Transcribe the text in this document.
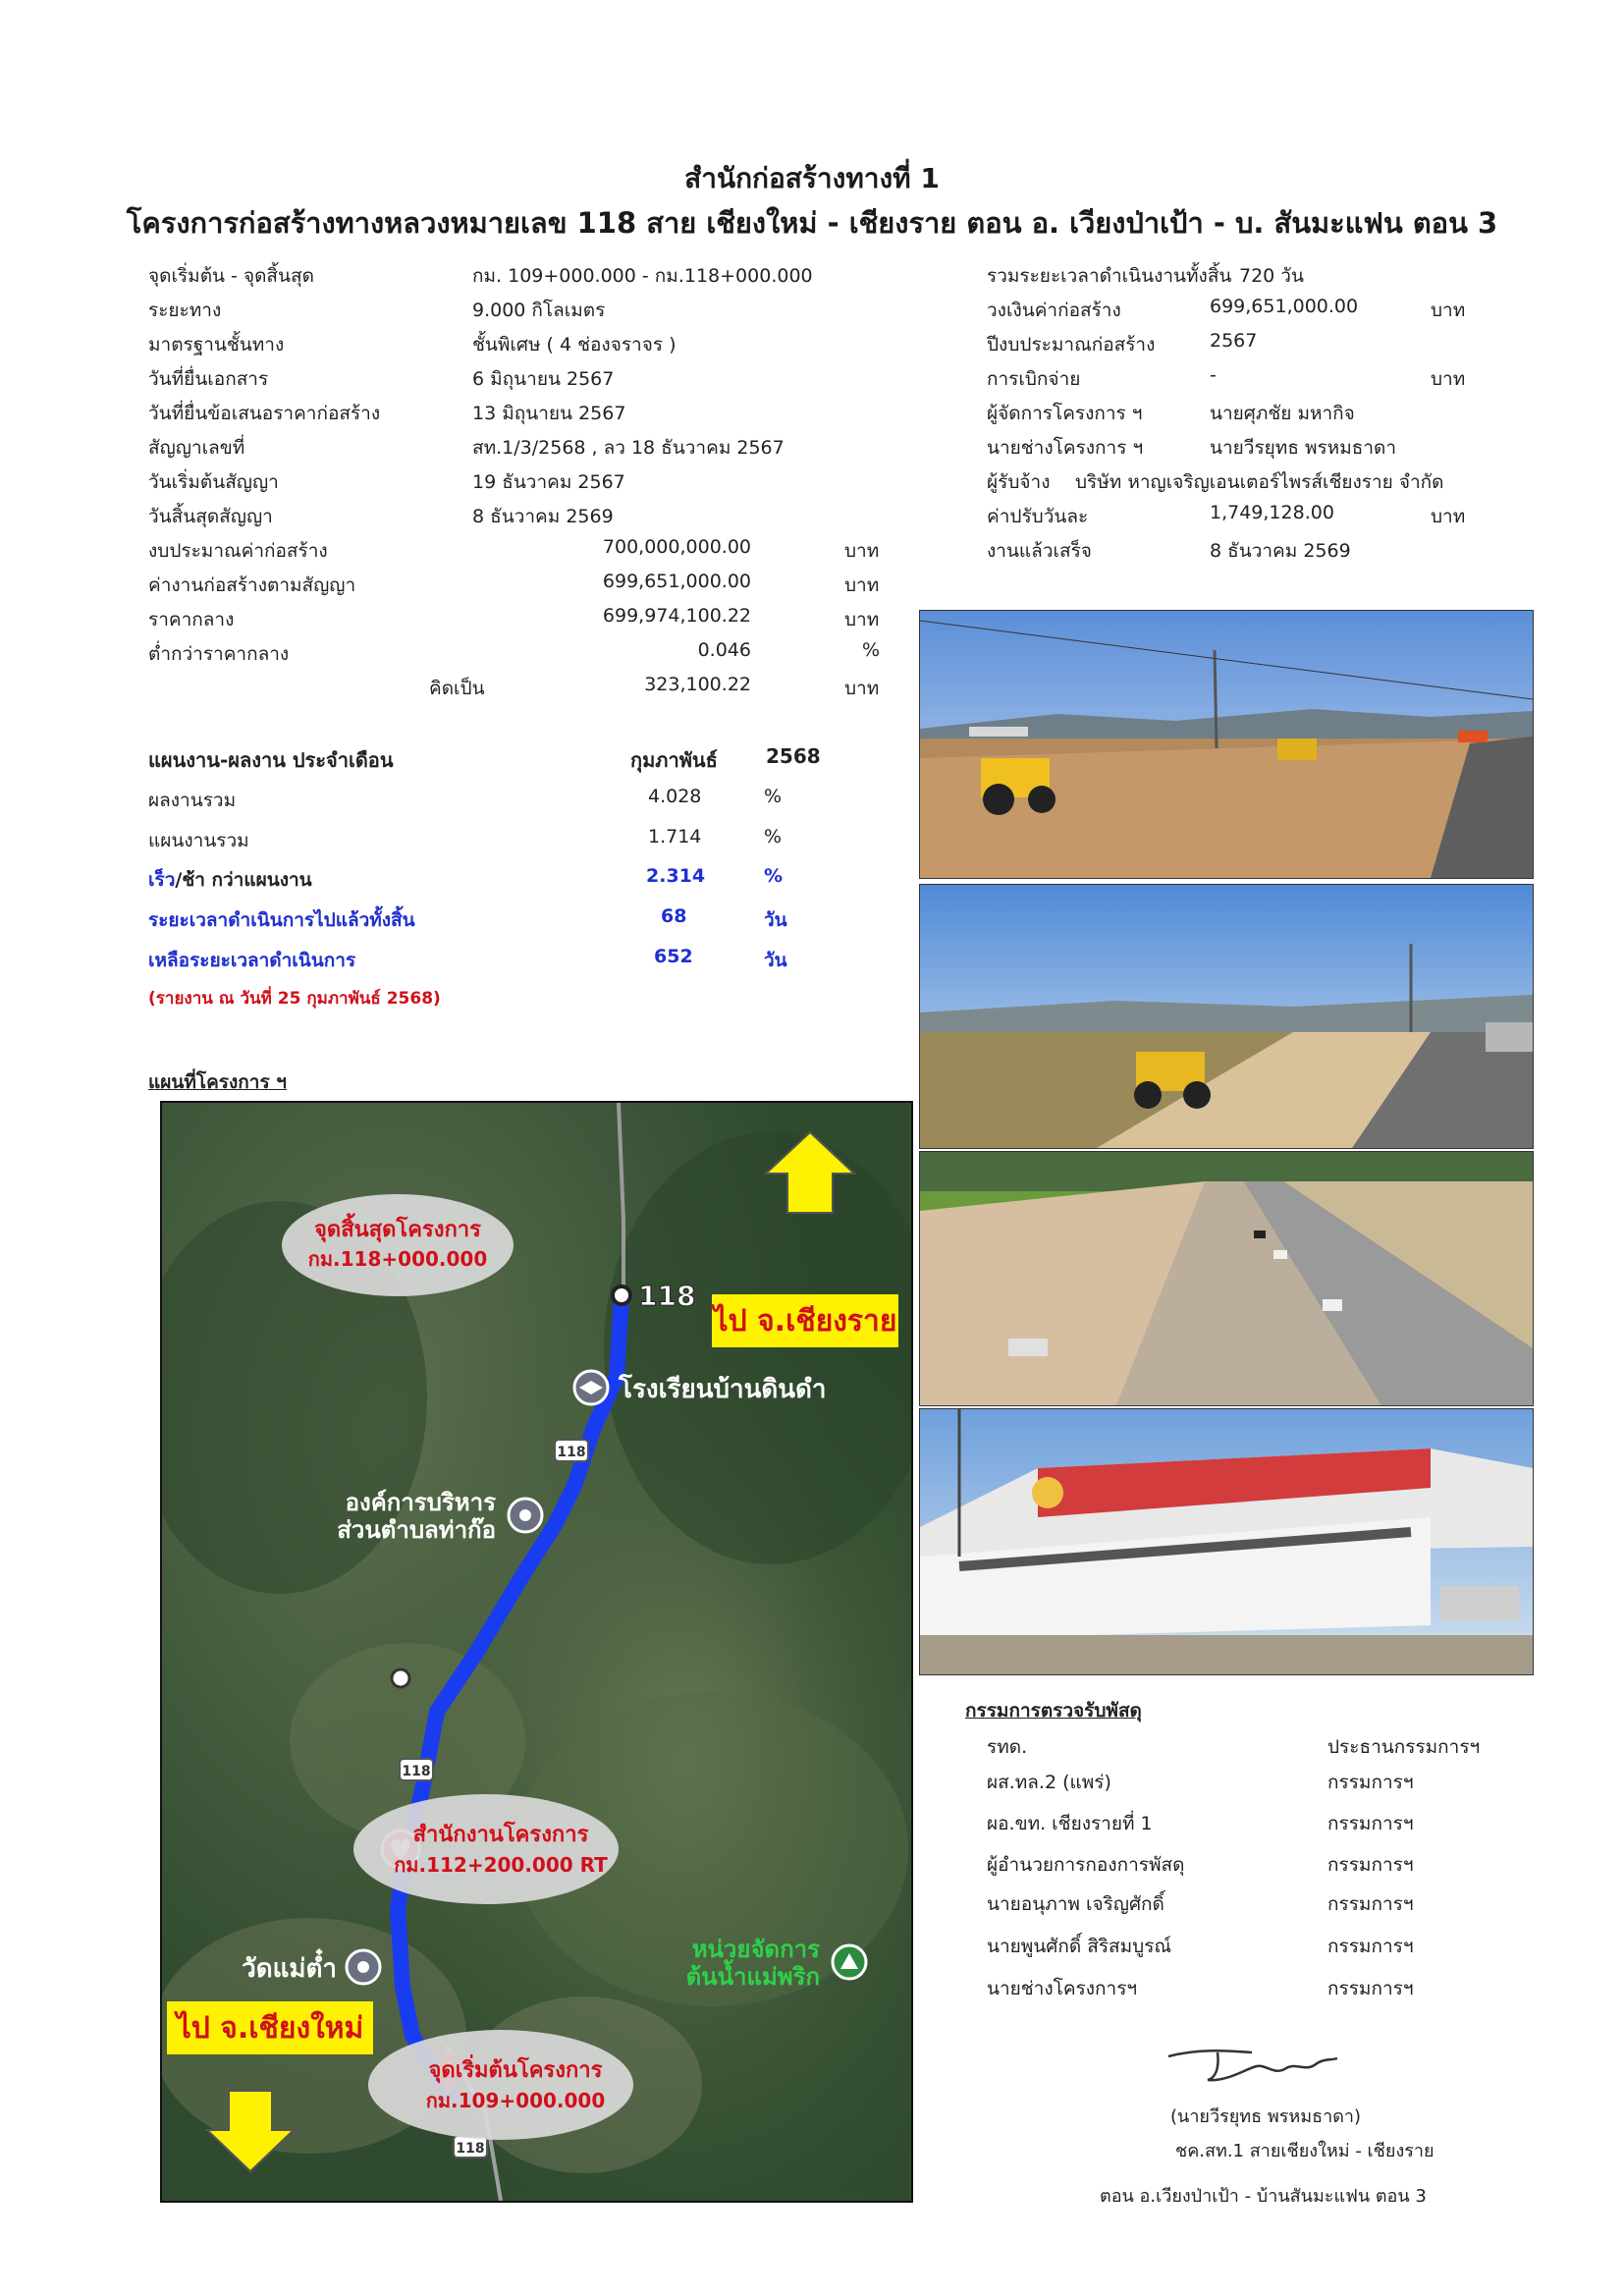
สำนักก่อสร้างทางที่ 1
โครงการก่อสร้างทางหลวงหมายเลข 118 สาย เชียงใหม่ - เชียงราย ตอน อ. เวียงป่าเป้า - บ. สันมะแฟน ตอน 3
จุดเริ่มต้น - จุดสิ้นสุด	กม. 109+000.000 - กม.118+000.000
ระยะทาง	9.000 กิโลเมตร
มาตรฐานชั้นทาง	ชั้นพิเศษ ( 4 ช่องจราจร )
วันที่ยื่นเอกสาร	6 มิถุนายน 2567
วันที่ยื่นข้อเสนอราคาก่อสร้าง	13 มิถุนายน 2567
สัญญาเลขที่	สท.1/3/2568 , ลว 18 ธันวาคม 2567
วันเริ่มต้นสัญญา	19 ธันวาคม 2567
วันสิ้นสุดสัญญา	8 ธันวาคม 2569
งบประมาณค่าก่อสร้าง	700,000,000.00	บาท
ค่างานก่อสร้างตามสัญญา	699,651,000.00	บาท
ราคากลาง	699,974,100.22	บาท
ต่ำกว่าราคากลาง	0.046	%
คิดเป็น	323,100.22	บาท
รวมระยะเวลาดำเนินงานทั้งสิ้น 720 วัน
วงเงินค่าก่อสร้าง	699,651,000.00	บาท
ปีงบประมาณก่อสร้าง	2567
การเบิกจ่าย	-	บาท
ผู้จัดการโครงการ ฯ	นายศุภชัย มหากิจ
นายช่างโครงการ ฯ	นายวีรยุทธ พรหมธาดา
ผู้รับจ้าง บริษัท หาญเจริญเอนเตอร์ไพรส์เชียงราย จำกัด
ค่าปรับวันละ	1,749,128.00	บาท
งานแล้วเสร็จ	8 ธันวาคม 2569
แผนงาน-ผลงาน ประจำเดือน	กุมภาพันธ์ 2568
ผลงานรวม	4.028	%
แผนงานรวม	1.714	%
เร็ว/ช้า กว่าแผนงาน	2.314	%
ระยะเวลาดำเนินการไปแล้วทั้งสิ้น	68	วัน
เหลือระยะเวลาดำเนินการ	652	วัน
(รายงาน ณ วันที่ 25 กุมภาพันธ์ 2568)
แผนที่โครงการ ฯ
จุดสิ้นสุดโครงการ
กม.118+000.000
118
ไป จ.เชียงราย
โรงเรียนบ้านดินดำ
118
องค์การบริหาร
ส่วนตำบลท่าก๊อ
118
สำนักงานโครงการ
กม.112+200.000 RT
วัดแม่ต๋ำ
หน่วยจัดการ
ต้นน้ำแม่พริก
ไป จ.เชียงใหม่
จุดเริ่มต้นโครงการ
กม.109+000.000
118
กรรมการตรวจรับพัสดุ
รทด.	ประธานกรรมการฯ
ผส.ทล.2 (แพร่)	กรรมการฯ
ผอ.ขท. เชียงรายที่ 1	กรรมการฯ
ผู้อำนวยการกองการพัสดุ	กรรมการฯ
นายอนุภาพ เจริญศักดิ์	กรรมการฯ
นายพูนศักดิ์ สิริสมบูรณ์	กรรมการฯ
นายช่างโครงการฯ	กรรมการฯ
(นายวีรยุทธ พรหมธาดา)
ชค.สท.1 สายเชียงใหม่ - เชียงราย
ตอน อ.เวียงป่าเป้า - บ้านสันมะแฟน ตอน 3
